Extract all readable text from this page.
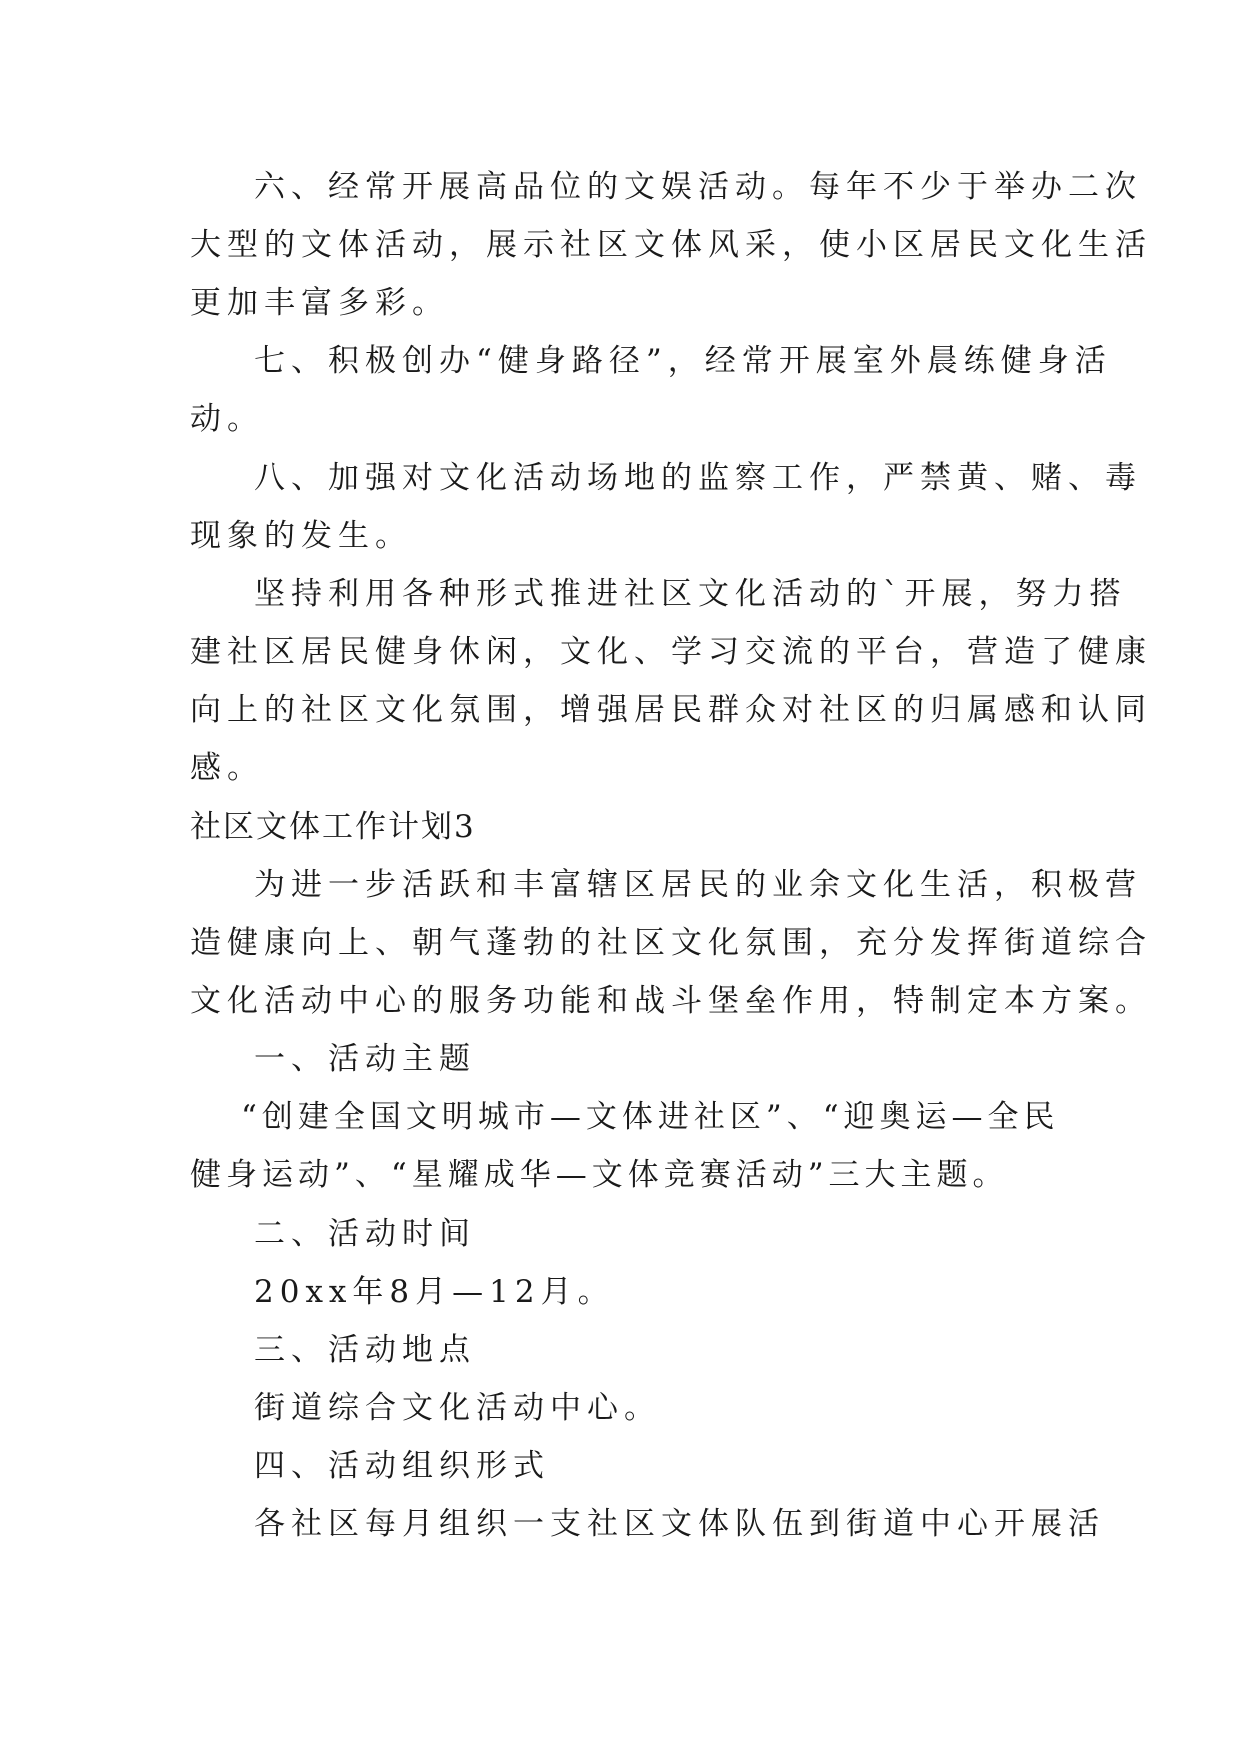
六、经常开展高品位的文娱活动。每年不少于举办二次
大型的文体活动，展示社区文体风采，使小区居民文化生活
更加丰富多彩。
七、积极创办“健身路径”，经常开展室外晨练健身活
动。
八、加强对文化活动场地的监察工作，严禁黄、赌、毒
现象的发生。
坚持利用各种形式推进社区文化活动的`开展，努力搭
建社区居民健身休闲，文化、学习交流的平台，营造了健康
向上的社区文化氛围，增强居民群众对社区的归属感和认同
感。
社区文体工作计划3
为进一步活跃和丰富辖区居民的业余文化生活，积极营
造健康向上、朝气蓬勃的社区文化氛围，充分发挥街道综合
文化活动中心的服务功能和战斗堡垒作用，特制定本方案。
一、活动主题
“创建全国文明城市—文体进社区”、“迎奥运—全民
健身运动”、“星耀成华—文体竞赛活动”三大主题。
二、活动时间
20xx年8月—12月。
三、活动地点
街道综合文化活动中心。
四、活动组织形式
各社区每月组织一支社区文体队伍到街道中心开展活
